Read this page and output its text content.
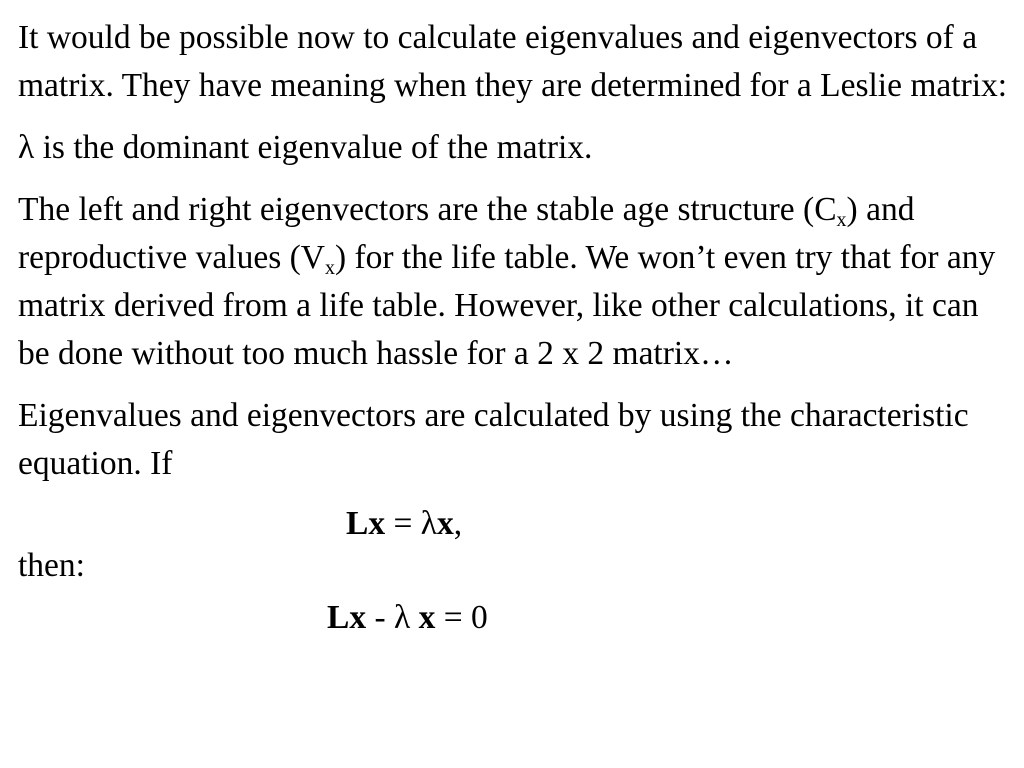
It would be possible now to calculate eigenvalues and eigenvectors of a matrix. They have meaning when they are determined for a Leslie matrix:

λ is the dominant eigenvalue of the matrix.

The left and right eigenvectors are the stable age structure $(C_x)$ and reproductive values $(V_x)$ for the life table. We won’t even try that for any matrix derived from a life table. However, like other calculations, it can be done without too much hassle for a 2 x 2 matrix…

Eigenvalues and eigenvectors are calculated by using the characteristic equation. If

Lx = λx,

then:

Lx - λ x = 0
